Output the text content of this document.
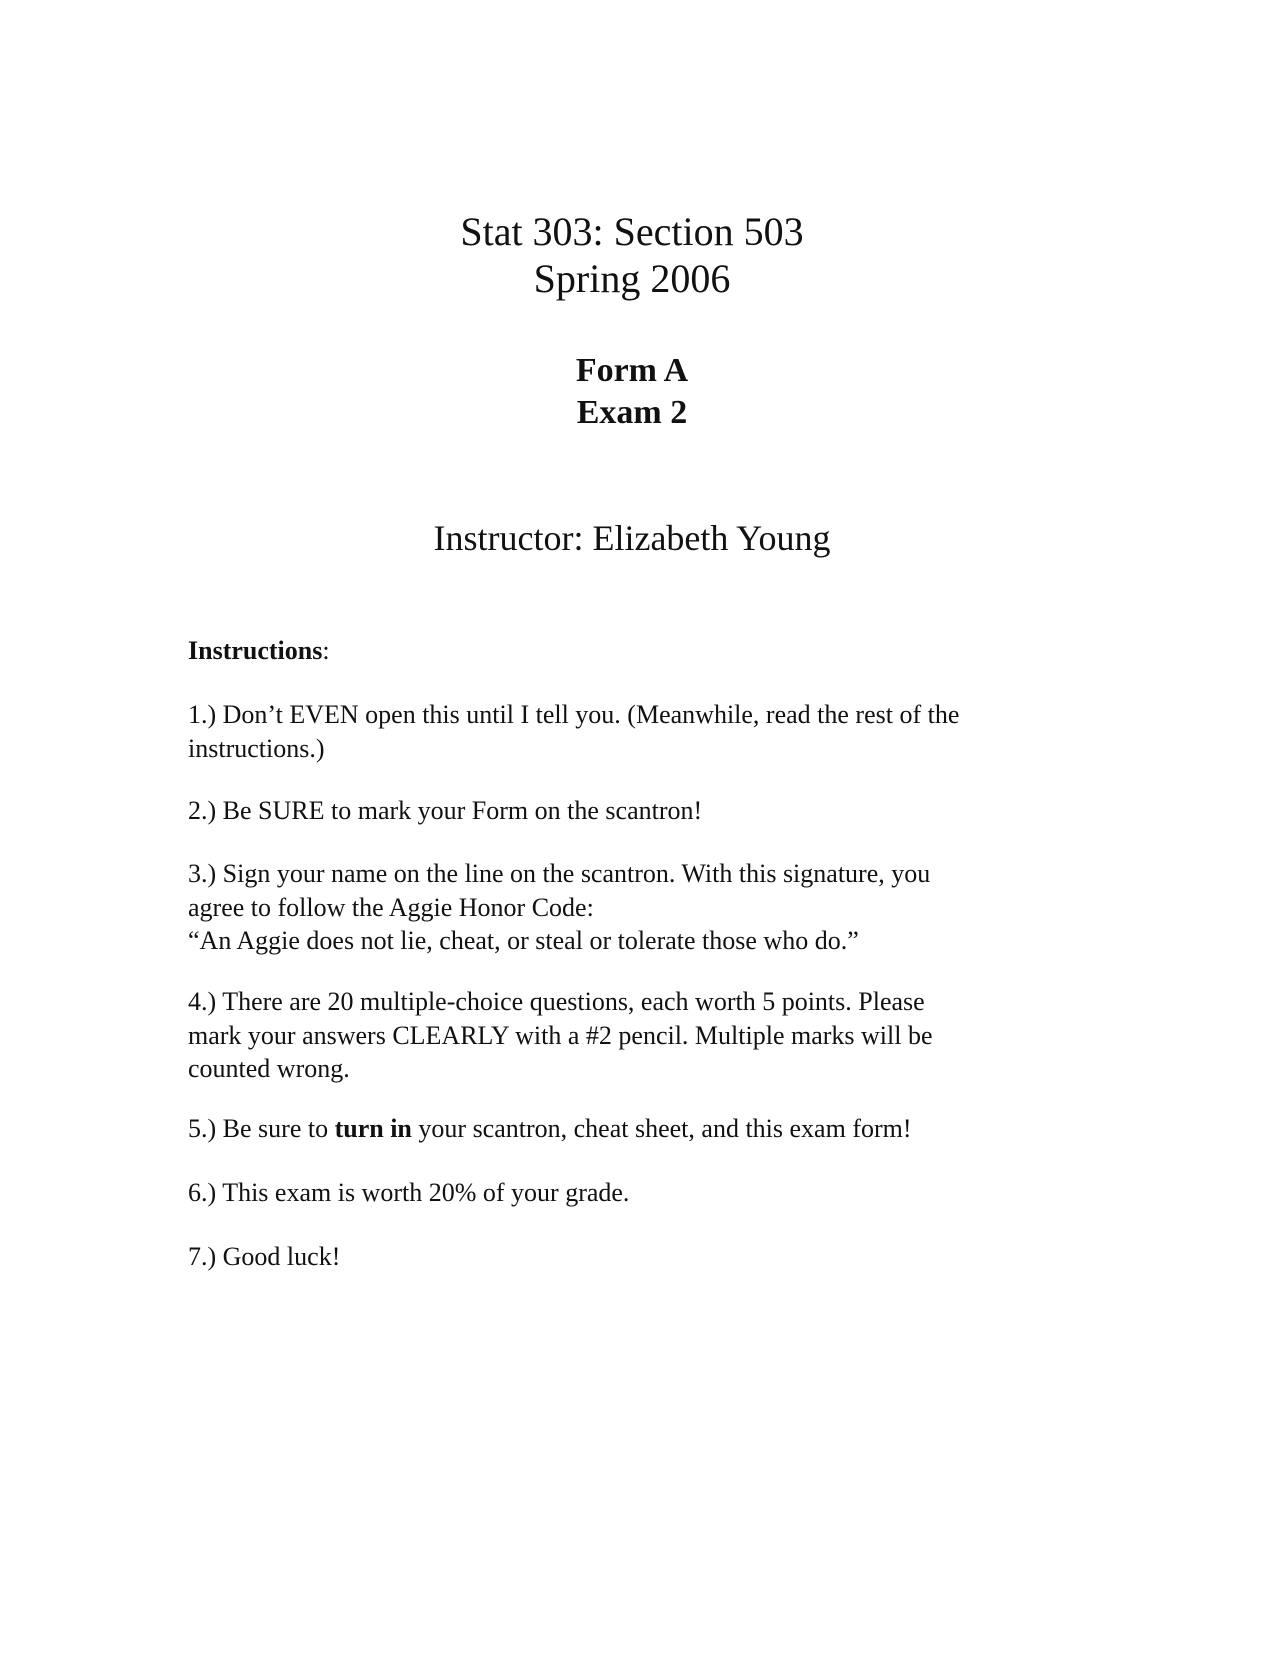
Stat 303: Section 503
Spring 2006
Form A
Exam 2
Instructor: Elizabeth Young
Instructions:
1.) Don’t EVEN open this until I tell you. (Meanwhile, read the rest of the
instructions.)
2.) Be SURE to mark your Form on the scantron!
3.) Sign your name on the line on the scantron. With this signature, you
agree to follow the Aggie Honor Code:
“An Aggie does not lie, cheat, or steal or tolerate those who do.”
4.) There are 20 multiple-choice questions, each worth 5 points. Please
mark your answers CLEARLY with a #2 pencil. Multiple marks will be
counted wrong.
5.) Be sure to turn in your scantron, cheat sheet, and this exam form!
6.) This exam is worth 20% of your grade.
7.) Good luck!
